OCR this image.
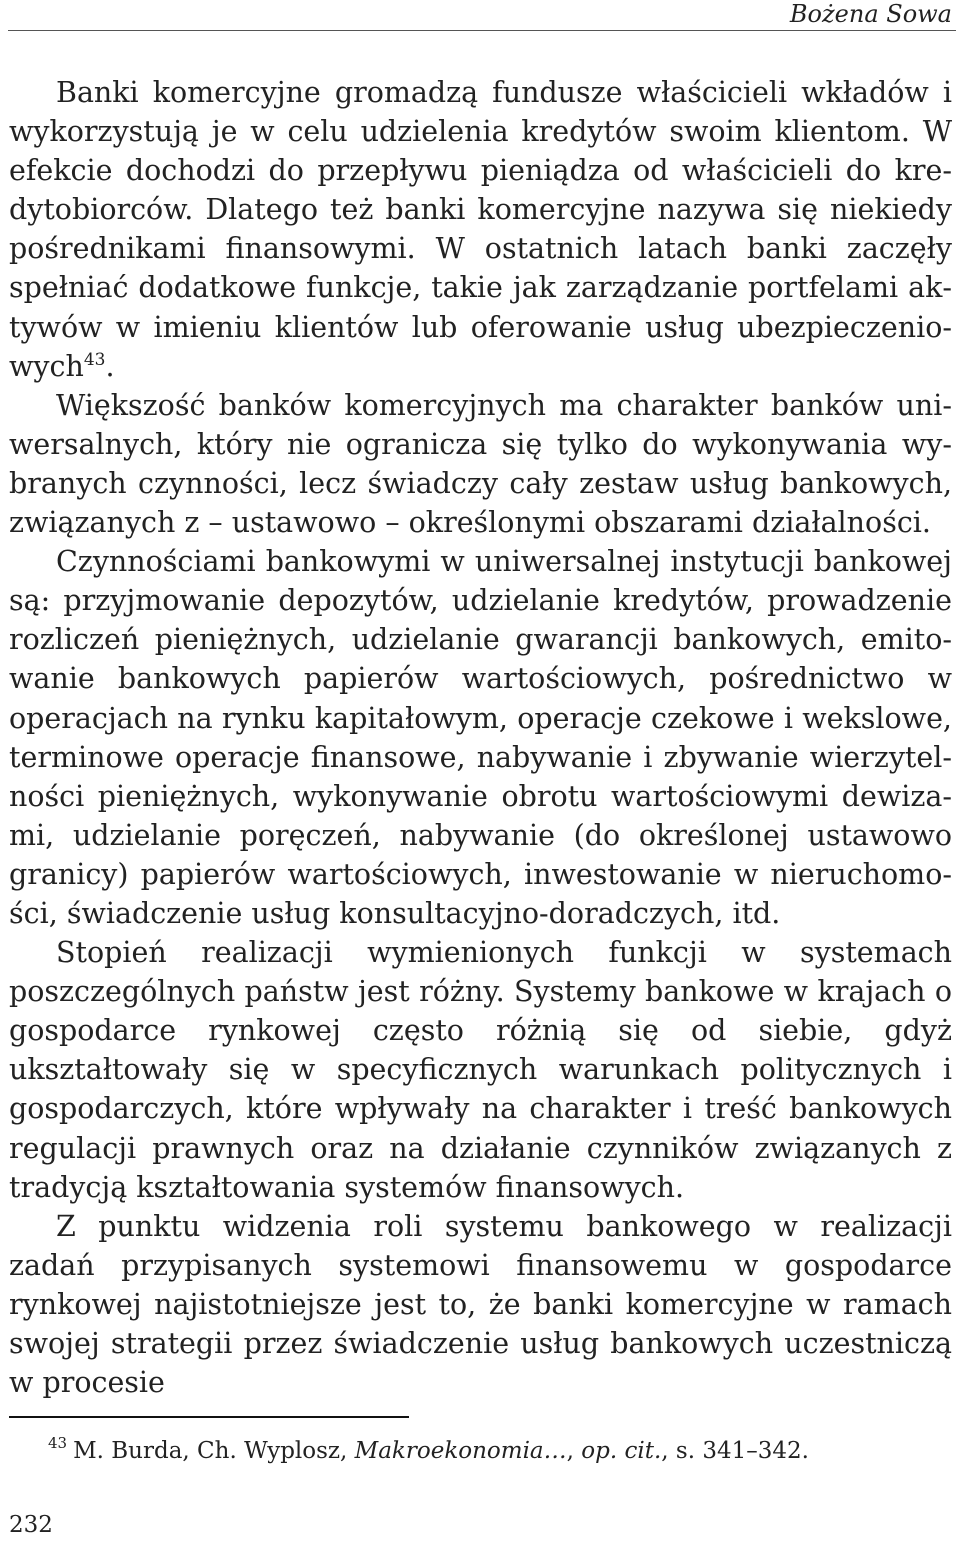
Bożena Sowa

Banki komercyjne gromadzą fundusze właścicieli wkładów i wykorzystują je w celu udzielenia kredytów swoim klientom. W efekcie dochodzi do przepływu pieniądza od właścicieli do kredytobiorców. Dlatego też banki komercyjne nazywa się niekiedy pośrednikami finansowymi. W ostatnich latach banki zaczęły spełniać dodatkowe funkcje, takie jak zarządzanie portfelami aktywów w imieniu klientów lub oferowanie usług ubezpieczeniowych$^{43}$.

Większość banków komercyjnych ma charakter banków uniwersalnych, który nie ogranicza się tylko do wykonywania wybranych czynności, lecz świadczy cały zestaw usług bankowych, związanych z – ustawowo – określonymi obszarami działalności.

Czynnościami bankowymi w uniwersalnej instytucji bankowej są: przyjmowanie depozytów, udzielanie kredytów, prowadzenie rozliczeń pieniężnych, udzielanie gwarancji bankowych, emitowanie bankowych papierów wartościowych, pośrednictwo w operacjach na rynku kapitałowym, operacje czekowe i wekslowe, terminowe operacje finansowe, nabywanie i zbywanie wierzytelności pieniężnych, wykonywanie obrotu wartościowymi dewizami, udzielanie poręczeń, nabywanie (do określonej ustawowo granicy) papierów wartościowych, inwestowanie w nieruchomości, świadczenie usług konsultacyjno-doradczych, itd.

Stopień realizacji wymienionych funkcji w systemach poszczególnych państw jest różny. Systemy bankowe w krajach o gospodarce rynkowej często różnią się od siebie, gdyż ukształtowały się w specyficznych warunkach politycznych i gospodarczych, które wpływały na charakter i treść bankowych regulacji prawnych oraz na działanie czynników związanych z tradycją kształtowania systemów finansowych.

Z punktu widzenia roli systemu bankowego w realizacji zadań przypisanych systemowi finansowemu w gospodarce rynkowej najistotniejsze jest to, że banki komercyjne w ramach swojej strategii przez świadczenie usług bankowych uczestniczą w procesie

$^{43}$ M. Burda, Ch. Wyplosz, Makroekonomia…, op. cit., s. 341–342.
232
